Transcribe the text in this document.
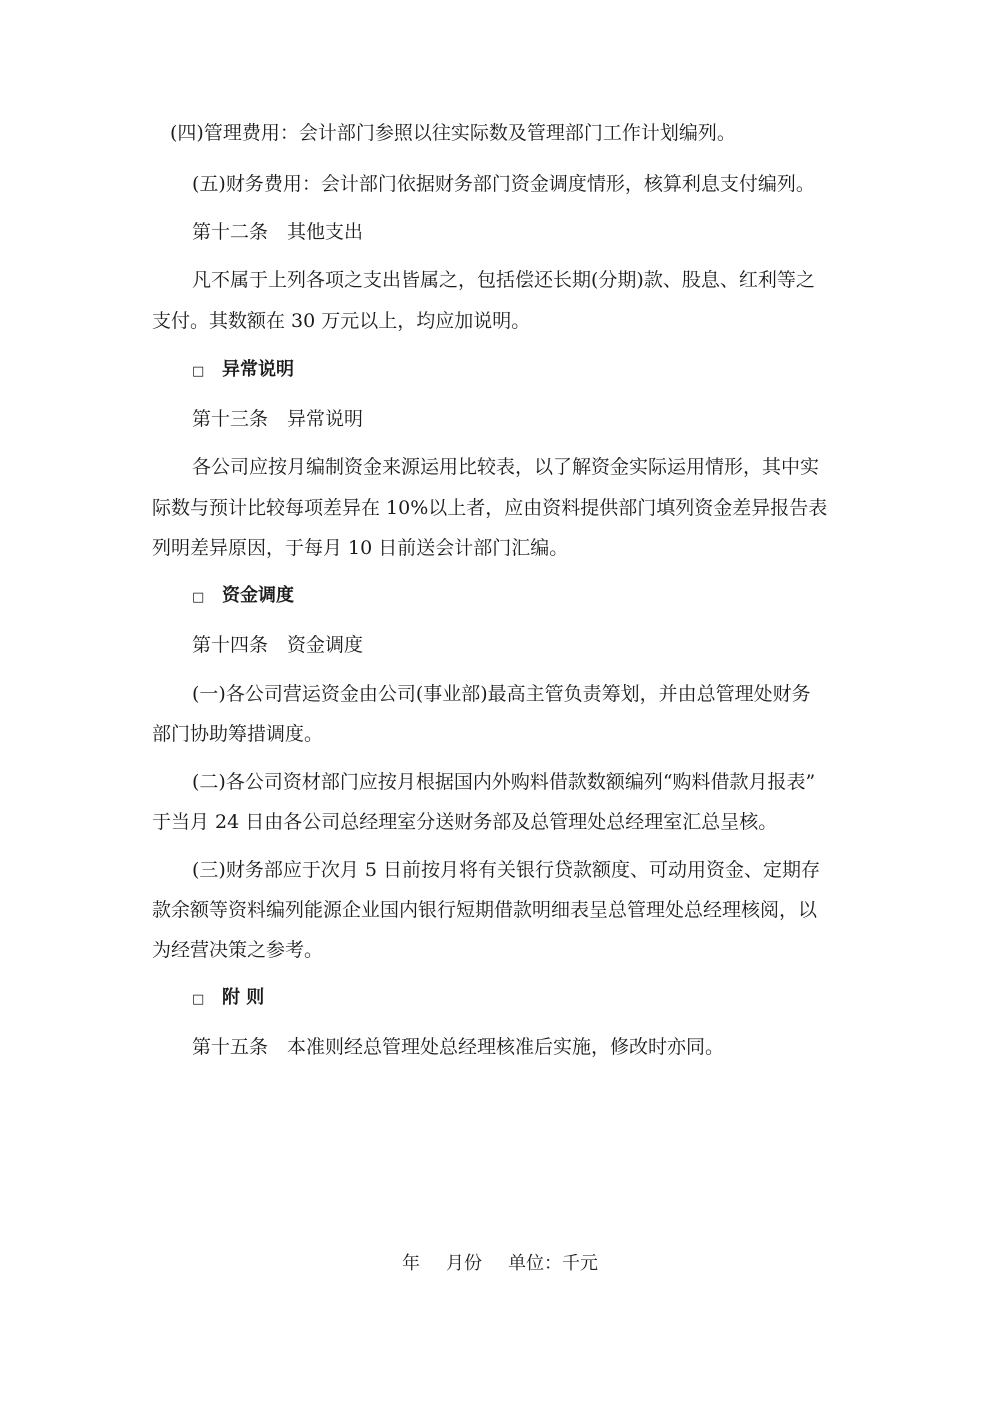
(四)管理费用：会计部门参照以往实际数及管理部门工作计划编列。

(五)财务费用：会计部门依据财务部门资金调度情形，核算利息支付编列。

第十二条　其他支出

凡不属于上列各项之支出皆属之，包括偿还长期(分期)款、股息、红利等之

支付。其数额在 30 万元以上，均应加说明。

□ 异常说明

第十三条　异常说明

各公司应按月编制资金来源运用比较表，以了解资金实际运用情形，其中实

际数与预计比较每项差异在 10%以上者，应由资料提供部门填列资金差异报告表

列明差异原因，于每月 10 日前送会计部门汇编。

□ 资金调度

第十四条　资金调度

(一)各公司营运资金由公司(事业部)最高主管负责筹划，并由总管理处财务

部门协助筹措调度。

(二)各公司资材部门应按月根据国内外购料借款数额编列“购料借款月报表”

于当月 24 日由各公司总经理室分送财务部及总管理处总经理室汇总呈核。

(三)财务部应于次月 5 日前按月将有关银行贷款额度、可动用资金、定期存

款余额等资料编列能源企业国内银行短期借款明细表呈总管理处总经理核阅，以

为经营决策之参考。

□ 附 则

第十五条　本准则经总管理处总经理核准后实施，修改时亦同。

年 月份 单位：千元
